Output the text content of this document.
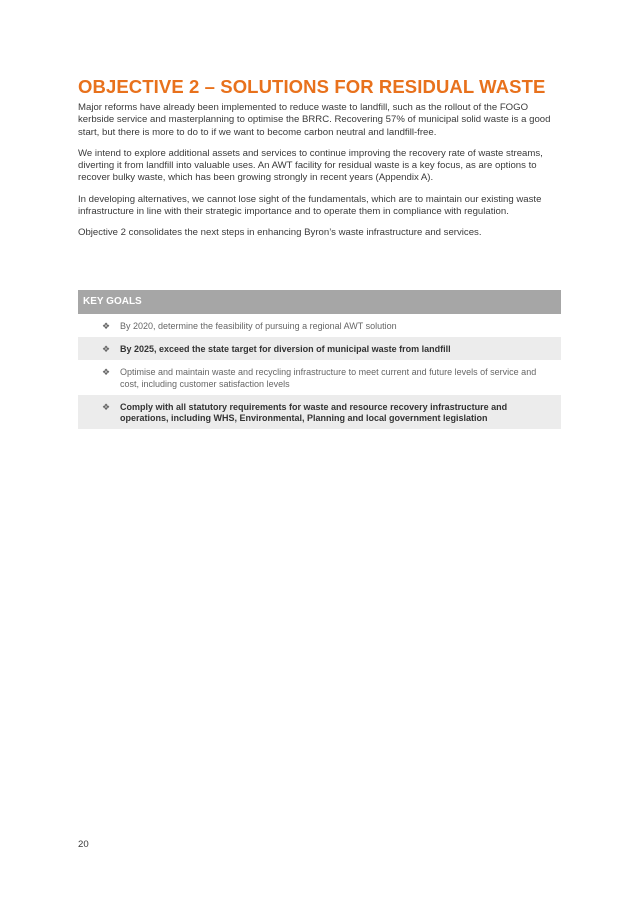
OBJECTIVE 2 – SOLUTIONS FOR RESIDUAL WASTE

Major reforms have already been implemented to reduce waste to landfill, such as the rollout of the FOGO kerbside service and masterplanning to optimise the BRRC. Recovering 57% of municipal solid waste is a good start, but there is more to do to if we want to become carbon neutral and landfill-free.

We intend to explore additional assets and services to continue improving the recovery rate of waste streams, diverting it from landfill into valuable uses. An AWT facility for residual waste is a key focus, as are options to recover bulky waste, which has been growing strongly in recent years (Appendix A).

In developing alternatives, we cannot lose sight of the fundamentals, which are to maintain our existing waste infrastructure in line with their strategic importance and to operate them in compliance with regulation.

Objective 2 consolidates the next steps in enhancing Byron’s waste infrastructure and services.

KEY GOALS
❖	By 2020, determine the feasibility of pursuing a regional AWT solution
❖	By 2025, exceed the state target for diversion of municipal waste from landfill
❖	Optimise and maintain waste and recycling infrastructure to meet current and future levels of service and cost, including customer satisfaction levels
❖	Comply with all statutory requirements for waste and resource recovery infrastructure and operations, including WHS, Environmental, Planning and local government legislation
20
